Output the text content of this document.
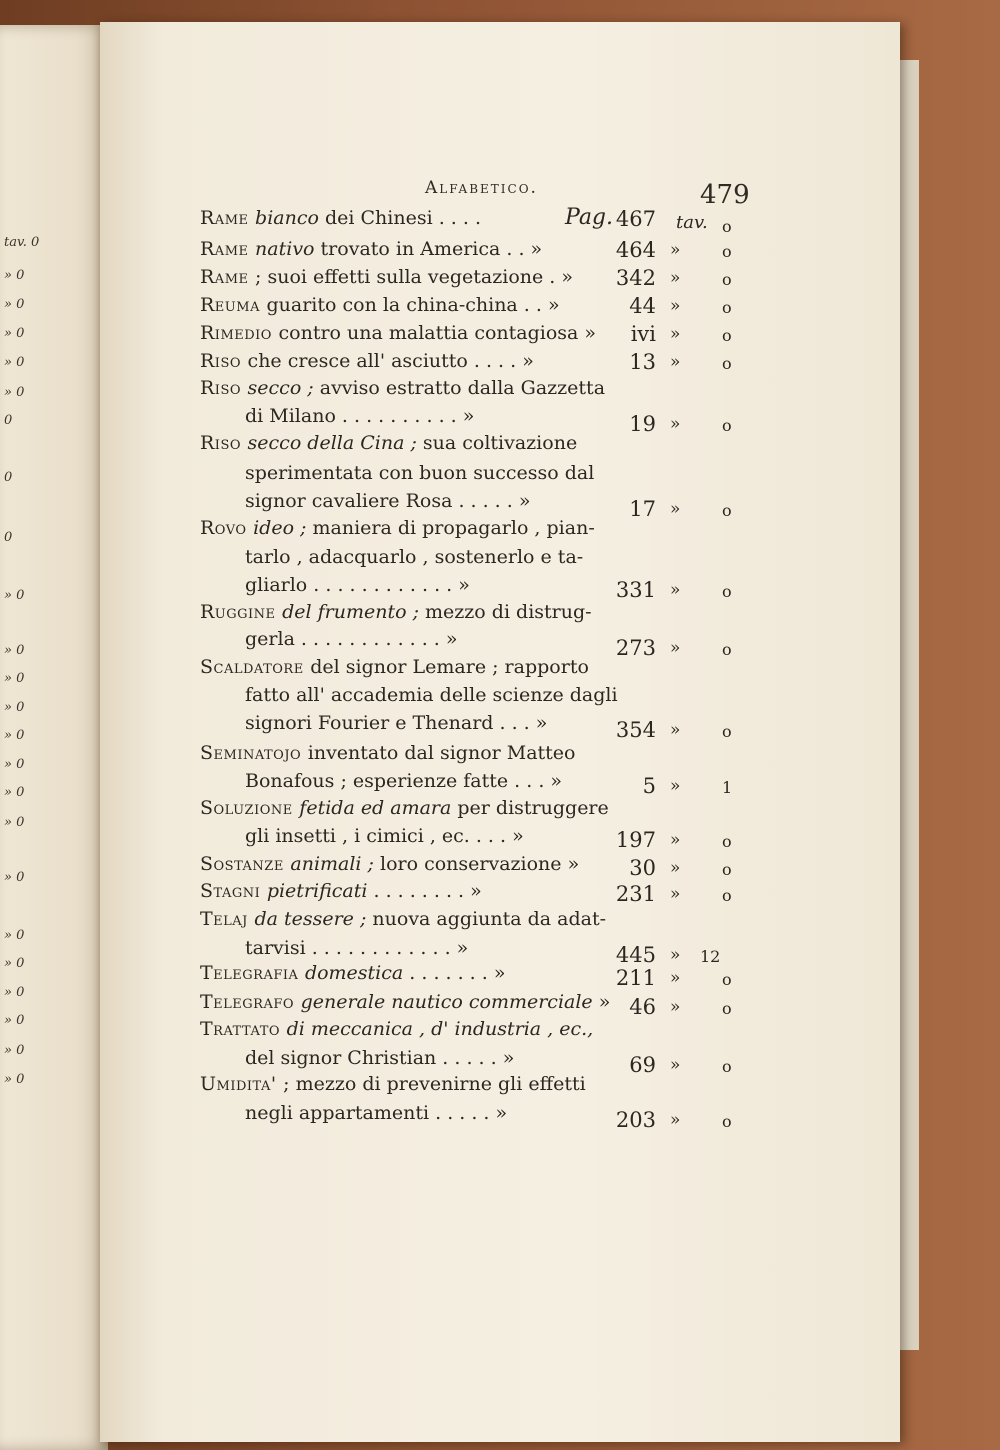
tav. 0
» 0
» 0
» 0
» 0
» 0
0
0
0
» 0
» 0
» 0
» 0
» 0
» 0
» 0
» 0
» 0
» 0
» 0
» 0
» 0
» 0
» 0
Alfabetico.	479
Pag.	tav.
Rame bianco dei Chinesi . . . .	467	o
Rame nativo trovato in America . . »	464 »	o
Rame ; suoi effetti sulla vegetazione . »	342 »	o
Reuma guarito con la china-china . . »	44 »	o
Rimedio contro una malattia contagiosa »	ivi »	o
Riso che cresce all' asciutto . . . . »	13 »	o
Riso secco ; avviso estratto dalla Gazzetta
di Milano . . . . . . . . . . »	19 »	o
Riso secco della Cina ; sua coltivazione
sperimentata con buon successo dal
signor cavaliere Rosa . . . . . »	17 »	o
Rovo ideo ; maniera di propagarlo , pian-
tarlo , adacquarlo , sostenerlo e ta-
gliarlo . . . . . . . . . . . . »	331 »	o
Ruggine del frumento ; mezzo di distrug-
gerla . . . . . . . . . . . . »	273 »	o
Scaldatore del signor Lemare ; rapporto
fatto all' accademia delle scienze dagli
signori Fourier e Thenard . . . »	354 »	o
Seminatojo inventato dal signor Matteo
Bonafous ; esperienze fatte . . . »	5 »	1
Soluzione fetida ed amara per distruggere
gli insetti , i cimici , ec. . . . »	197 »	o
Sostanze animali ; loro conservazione »	30 »	o
Stagni pietrificati . . . . . . . . »	231 »	o
Telaj da tessere ; nuova aggiunta da adat-
tarvisi . . . . . . . . . . . . »	445 » 12
Telegrafia domestica . . . . . . . »	211 »	o
Telegrafo generale nautico commerciale » 46 »	o
Trattato di meccanica , d' industria , ec.,
del signor Christian . . . . . »	69 »	o
Umidita' ; mezzo di prevenirne gli effetti
negli appartamenti . . . . . »	203 »	o
